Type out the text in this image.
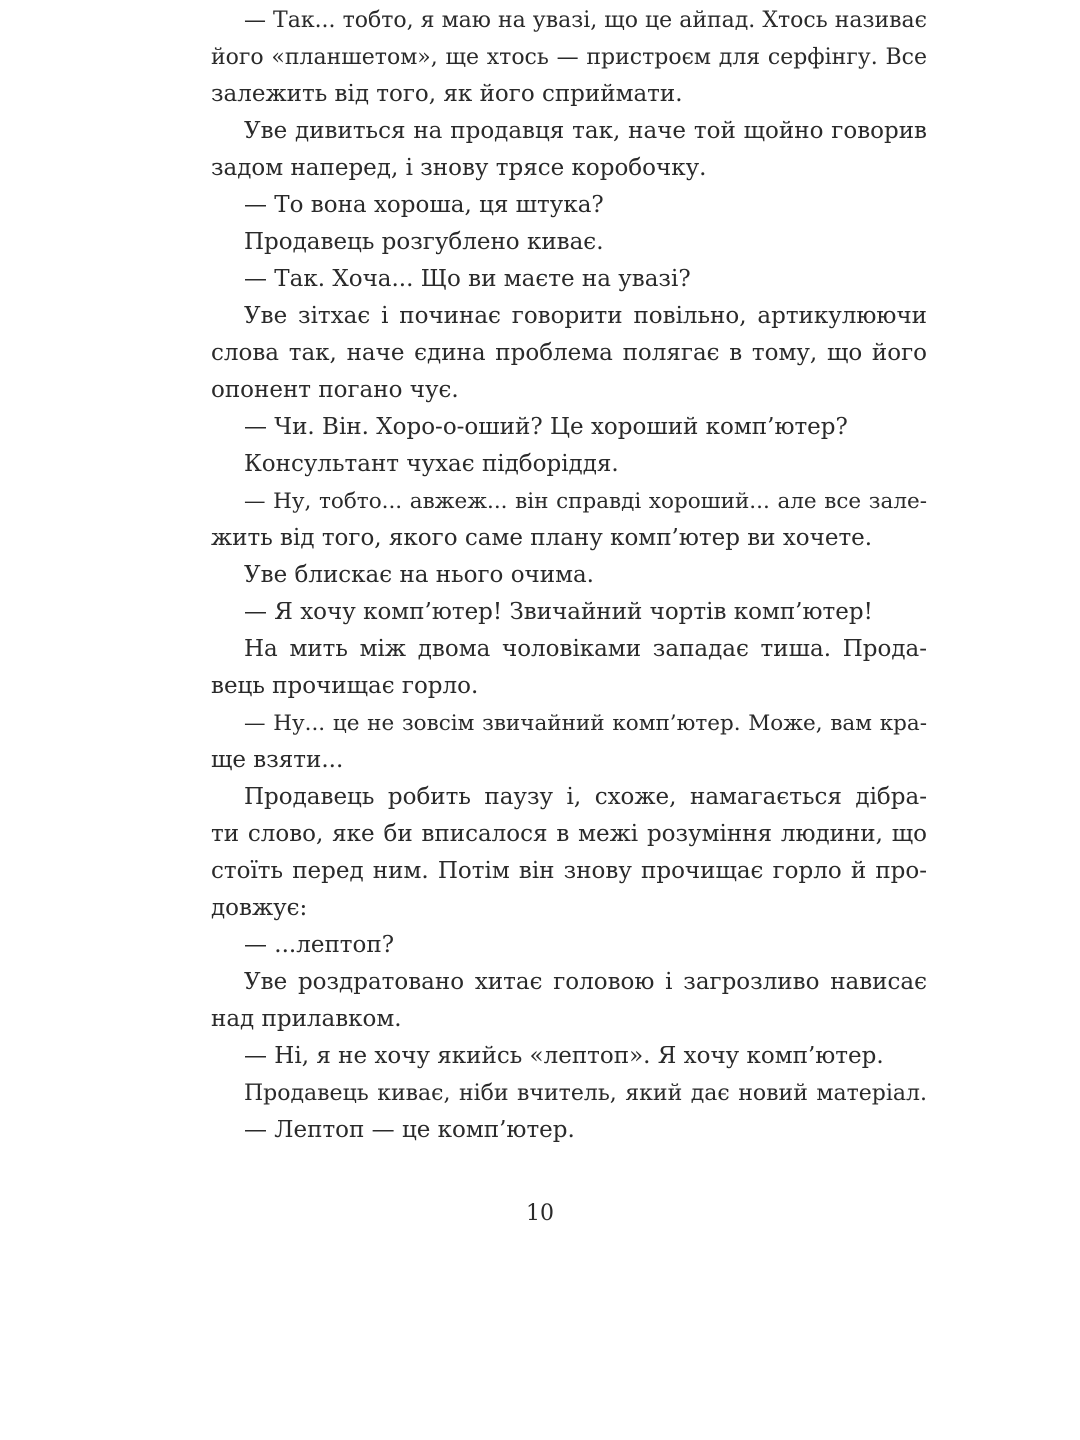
— Так... тобто, я маю на увазі, що це айпад. Хтось називає
його «планшетом», ще хтось — пристроєм для серфінгу. Все
залежить від того, як його сприймати.
Уве дивиться на продавця так, наче той щойно говорив
задом наперед, і знову трясе коробочку.
— То вона хороша, ця штука?
Продавець розгублено киває.
— Так. Хоча... Що ви маєте на увазі?
Уве зітхає і починає говорити повільно, артикулюючи
слова так, наче єдина проблема полягає в тому, що його
опонент погано чує.
— Чи. Він. Хоро-о-оший? Це хороший комп’ютер?
Консультант чухає підборіддя.
— Ну, тобто... авжеж... він справді хороший... але все зале-
жить від того, якого саме плану комп’ютер ви хочете.
Уве блискає на нього очима.
— Я хочу комп’ютер! Звичайний чортів комп’ютер!
На мить між двома чоловіками западає тиша. Прода-
вець прочищає горло.
— Ну... це не зовсім звичайний комп’ютер. Може, вам кра-
ще взяти...
Продавець робить паузу і, схоже, намагається дібра-
ти слово, яке би вписалося в межі розуміння людини, що
стоїть перед ним. Потім він знову прочищає горло й про-
довжує:
— ...лептоп?
Уве роздратовано хитає головою і загрозливо нависає
над прилавком.
— Ні, я не хочу якийсь «лептоп». Я хочу комп’ютер.
Продавець киває, ніби вчитель, який дає новий матеріал.
— Лептоп — це комп’ютер.
10
